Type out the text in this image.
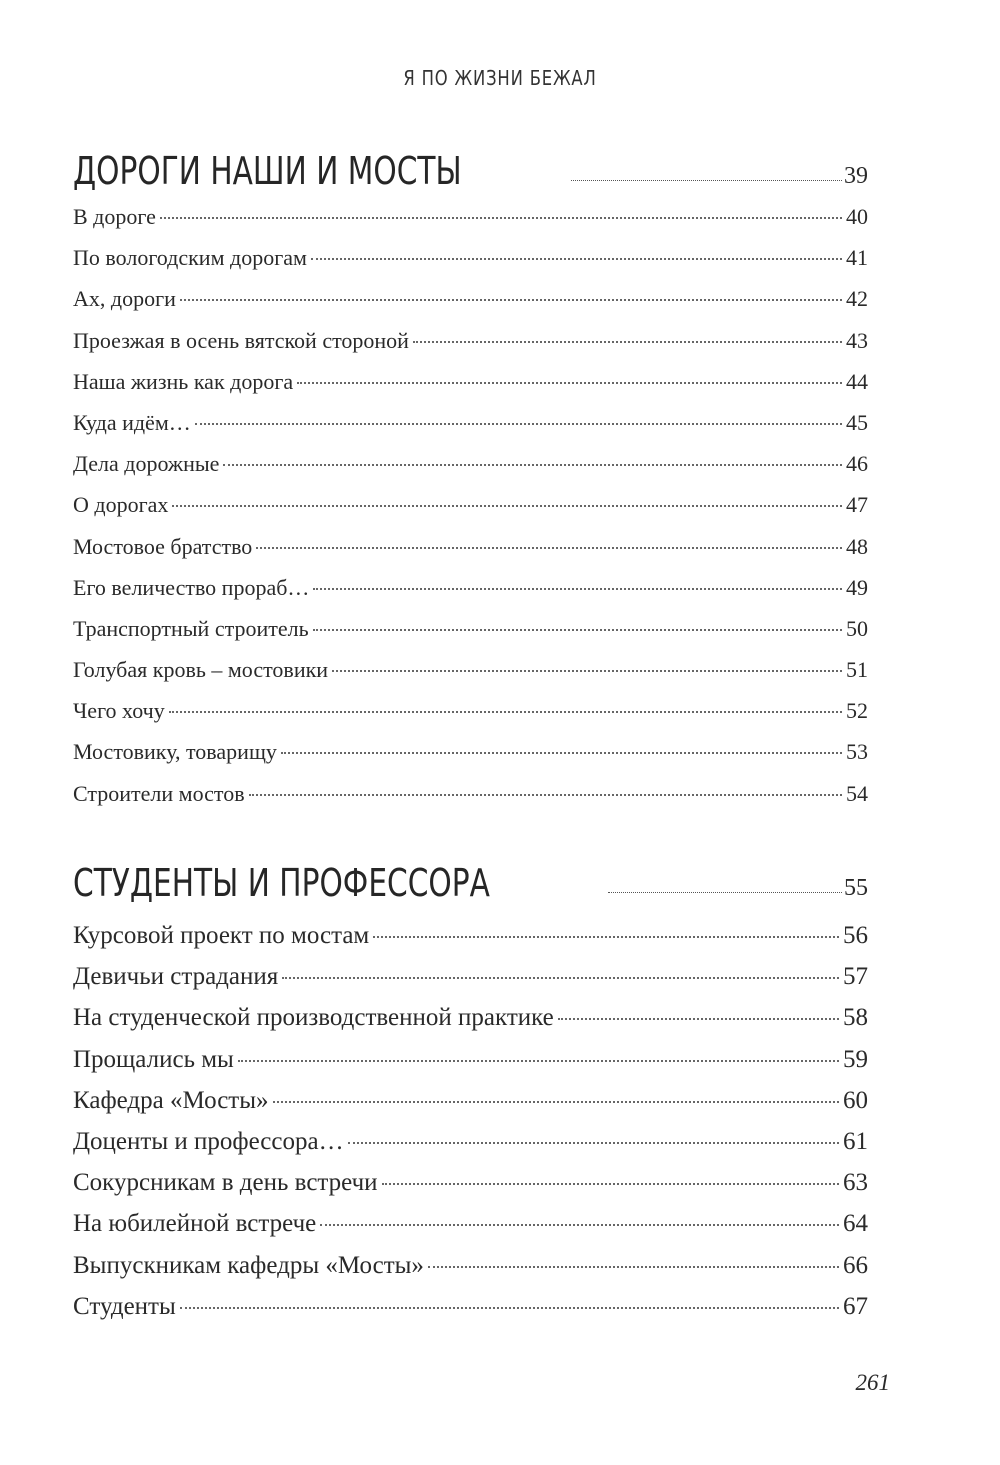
Я ПО ЖИЗНИ БЕЖАЛ
ДОРОГИ НАШИ И МОСТЫ	39
В дороге	40
По вологодским дорогам	41
Ах, дороги	42
Проезжая в осень вятской стороной	43
Наша жизнь как дорога	44
Куда идём…	45
Дела дорожные	46
О дорогах	47
Мостовое братство	48
Его величество прораб…	49
Транспортный строитель	50
Голубая кровь – мостовики	51
Чего хочу	52
Мостовику, товарищу	53
Строители мостов	54
СТУДЕНТЫ И ПРОФЕССОРА	55
Курсовой проект по мостам	56
Девичьи страдания	57
На студенческой производственной практике	58
Прощались мы	59
Кафедра «Мосты»	60
Доценты и профессора…	61
Сокурсникам в день встречи	63
На юбилейной встрече	64
Выпускникам кафедры «Мосты»	66
Студенты	67
261
